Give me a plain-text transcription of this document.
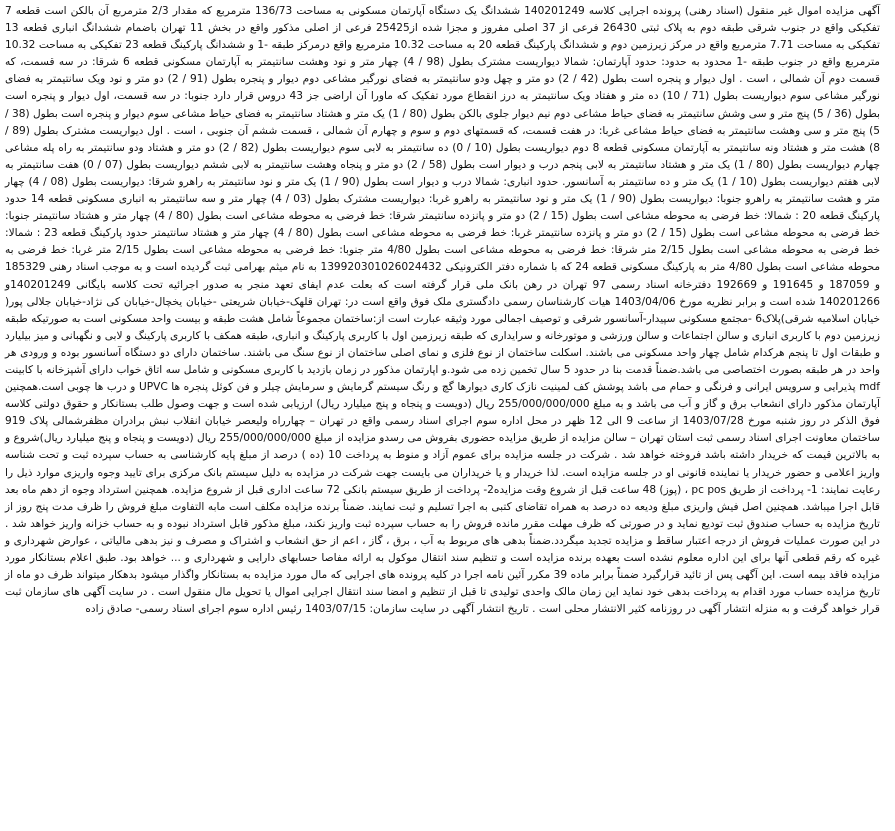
آگهی مزایده اموال غیر منقول (اسناد رهنی) پرونده اجرایی کلاسه 140201249 ششدانگ یک دستگاه آپارتمان مسکونی به مساحت 136/73 مترمربع که مقدار 2/3 مترمربع آن بالکن است قطعه 7 تفکیکی واقع در جنوب شرقی طبقه دوم به پلاک ثبتی 26430 فرعی از 37 اصلی مفروز و مجزا شده از25425 فرعی از اصلی مذکور واقع در بخش 11 تهران باضمام ششدانگ انباری قطعه 13 تفکیکی به مساحت 7.71 مترمربع واقع در مرکز زیرزمین دوم و ششدانگ پارکینگ قطعه 20 به مساحت 10.32 مترمربع واقع درمرکز طبقه -1 و ششدانگ پارکینگ قطعه 23 تفکیکی به مساحت 10.32 مترمربع واقع در جنوب طبقه -1 محدود به حدود: حدود آپارتمان: شمالا دیواریست مشترک بطول (98 / 4) چهار متر و نود وهشت سانتیمتر به آپارتمان مسکونی قطعه 6 شرقا: در سه قسمت، که قسمت دوم آن شمالی ، است . اول دیوار و پنجره است بطول (42 / 2) دو متر و چهل ودو سانتیمتر به فضای نورگیر مشاعی دوم دیوار و پنجره بطول (91 / 2) دو متر و نود ویک سانتیمتر به فضای نورگیر مشاعی سوم دیواریست بطول (71 / 10) ده متر و هفتاد ویک سانتیمتر به درز انقطاع مورد تفکیک که ماورا آن اراضی جز 43 دروس قرار دارد جنوبا: در سه قسمت، اول دیوار و پنجره است بطول (36 / 5) پنج متر و سی وشش سانتیمتر به فضای حیاط مشاعی دوم نیم دیوار جلوی بالکن بطول (80 / 1) یک متر و هشتاد سانتیمتر به فضای حیاط مشاعی سوم دیوار و پنجره است بطول (38 / 5) پنج متر و سی وهشت سانتیمتر به فضای حیاط مشاعی غربا: در هفت قسمت، که قسمتهای دوم و سوم و چهارم آن شمالی ، قسمت ششم آن جنوبی ، است . اول دیواریست مشترک بطول (89 / 8) هشت متر و هشتاد ونه سانتیمتر به آپارتمان مسکونی قطعه 8 دوم دیواریست بطول (10 / 0) ده سانتیمتر به لابی سوم دیواریست بطول (82 / 2) دو متر و هشتاد ودو سانتیمتر به راه پله مشاعی چهارم دیواریست بطول (80 / 1) یک متر و هشتاد سانتیمتر به لابی پنجم درب و دیوار است بطول (58 / 2) دو متر و پنجاه وهشت سانتیمتر به لابی ششم دیواریست بطول (07 / 0) هفت سانتیمتر به لابی هفتم دیواریست بطول (10 / 1) یک متر و ده سانتیمتر به آسانسور. حدود انباری: شمالا درب و دیوار است بطول (90 / 1) یک متر و نود سانتیمتر به راهرو شرقا: دیواریست بطول (08 / 4) چهار متر و هشت سانتیمتر به راهرو جنوبا: دیواریست بطول (90 / 1) یک متر و نود سانتیمتر به راهرو غربا: دیواریست مشترک بطول (03 / 4) چهار متر و سه سانتیمتر به انباری مسکونی قطعه 14 حدود پارکینگ قطعه 20 : شمالا: خط فرضی به محوطه مشاعی است بطول (15 / 2) دو متر و پانزده سانتیمتر شرقا: خط فرضی به محوطه مشاعی است بطول (80 / 4) چهار متر و هشتاد سانتیمتر جنوبا: خط فرضی به محوطه مشاعی است بطول (15 / 2) دو متر و پانزده سانتیمتر غربا: خط فرضی به محوطه مشاعی است بطول (80 / 4) چهار متر و هشتاد سانتیمتر حدود پارکینگ قطعه 23 : شمالا: خط فرضی به محوطه مشاعی است بطول 2/15 متر شرقا: خط فرضی به محوطه مشاعی است بطول 4/80 متر جنوبا: خط فرضی به محوطه مشاعی است بطول 2/15 متر غربا: خط فرضی به محوطه مشاعی است بطول 4/80 متر به پارکینگ مسکونی قطعه 24 که با شماره دفتر الکترونیکی 139920301026024432 به نام میثم بهرامی ثبت گردیده است و به موجب اسناد رهنی 185329 و 187059 و 191645 و 192669 دفترخانه اسناد رسمی 97 تهران در رهن بانک ملی قرار گرفته است که بعلت عدم ایفای تعهد منجر به صدور اجرائیه تحت کلاسه بایگانی 140201249و 140201266 شده است و برابر نظریه مورخ 1403/04/06 هیات کارشناسان رسمی دادگستری ملک فوق واقع است در: تهران قلهک-خیابان شریعتی -خیابان یخچال-خیابان کی نژاد-خیابان جلالی پور( خیابان اسلامیه شرقی)پلاک6 -مجتمع مسکونی سپیدار-آسانسور شرقی و توصیف اجمالی مورد وثیقه عبارت است از:ساختمان مجموعاً شامل هشت طبقه و بیست واحد مسکونی است به صورتیکه طبقه زیرزمین دوم با کاربری انباری و سالن اجتماعات و سالن ورزشی و موتورخانه و سرایداری که طبقه زیرزمین اول با کاربری پارکینگ و انباری، طبقه همکف با کاربری پارکینگ و لابی و نگهبانی و میز بیلیارد و طبقات اول تا پنجم هرکدام شامل چهار واحد مسکونی می باشند. اسکلت ساختمان از نوع فلزی و نمای اصلی ساختمان از نوع سنگ می باشند. ساختمان دارای دو دستگاه آسانسور بوده و ورودی هر واحد در هر طبقه بصورت اختصاصی می باشد.ضمناً قدمت بنا در حدود 5 سال تخمین زده می شود.و اپارتمان مذکور در زمان بازدید با کاربری مسکونی و شامل سه اتاق خواب دارای آشپزخانه با کابینت mdf پذیرایی و سرویس ایرانی و فرنگی و حمام می باشد پوشش کف لمینیت نازک کاری دیوارها گچ و رنگ سیستم گرمایش و سرمایش چیلر و فن کوئل پنجره ها UPVC و درب ها چوبی است.همچنین آپارتمان مذکور دارای انشعاب برق و گاز و آب می باشد و به مبلغ 255/000/000/000 ریال (دویست و پنجاه و پنج میلیارد ریال) ارزیابی شده است و جهت وصول طلب بستانکار و حقوق دولتی کلاسه فوق الذکر در روز شنبه مورخ 1403/07/28 از ساعت 9 الی 12 ظهر در محل اداره سوم اجرای اسناد رسمی واقع در تهران – چهارراه ولیعصر خیابان انقلاب نبش برادران مظفرشمالی پلاک 919 ساختمان معاونت اجرای اسناد رسمی ثبت استان تهران – سالن مزایده از طریق مزایده حضوری بفروش می رسدو مزایده از مبلغ 255/000/000/000 ریال (دویست و پنجاه و پنج میلیارد ریال)شروع و به بالاترین قیمت که خریدار داشته باشد فروخته خواهد شد . شرکت در جلسه مزایده برای عموم آزاد و منوط به پرداخت 10 (ده ) درصد از مبلغ پایه کارشناسی به حساب سپرده ثبت و تحت شناسه واریز اعلامی و حضور خریدار یا نماینده قانونی او در جلسه مزایده است. لذا خریدار و یا خریداران می بایست جهت شرکت در مزایده به دلیل سیستم بانک مرکزی برای تایید وجوه واریزی موارد ذیل را رعایت نمایند: 1- پرداخت از طریق pc pos ، (پوز) 48 ساعت قبل از شروع وقت مزایده2- پرداخت از طریق سیستم بانکی 72 ساعت اداری قبل از شروع مزایده. همچنین استرداد وجوه از دهم ماه بعد قابل اجرا میباشد. همچنین اصل فیش واریزی مبلغ ودیعه ده درصد به همراه تقاضای کتبی به اجرا تسلیم و ثبت نمایند. ضمناً برنده مزایده مکلف است مابه التفاوت مبلغ فروش را ظرف مدت پنج روز از تاریخ مزایده به حساب صندوق ثبت تودیع نماید و در صورتی که ظرف مهلت مقرر مانده فروش را به حساب سپرده ثبت واریز نکند، مبلغ مذکور قابل استرداد نبوده و به حساب خزانه واریز خواهد شد . در این صورت عملیات فروش از درجه اعتبار ساقط و مزایده تجدید میگردد.ضمناً بدهی های مربوط به آب ، برق ، گاز ، اعم از حق انشعاب و اشتراک و مصرف و نیز بدهی مالیاتی ، عوارض شهرداری و غیره که رقم قطعی آنها برای این اداره معلوم نشده است بعهده برنده مزایده است و تنظیم سند انتقال موکول به ارائه مفاصا حسابهای دارایی و شهرداری و ... خواهد بود. طبق اعلام بستانکار مورد مزایده فاقد بیمه است. این آگهی پس از تائید قرارگیرد ضمناً برابر ماده 39 مکرر آئین نامه اجرا در کلیه پرونده های اجرایی که مال مورد مزایده به بستانکار واگذار میشود بدهکار میتواند ظرف دو ماه از تاریخ مزایده حساب مورد اقدام به پرداخت بدهی خود نماید این زمان مالک واحدی تولیدی تا قبل از تنظیم و امضا سند انتقال اجرایی اموال یا تحویل مال منقول است . در سایت آگهی های سازمان ثبت قرار خواهد گرفت و به منزله انتشار آگهی در روزنامه کثیر الانتشار محلی است . تاریخ انتشار آگهی در سایت سازمان: 1403/07/15 رئیس اداره سوم اجرای اسناد رسمی- صادق زاده
